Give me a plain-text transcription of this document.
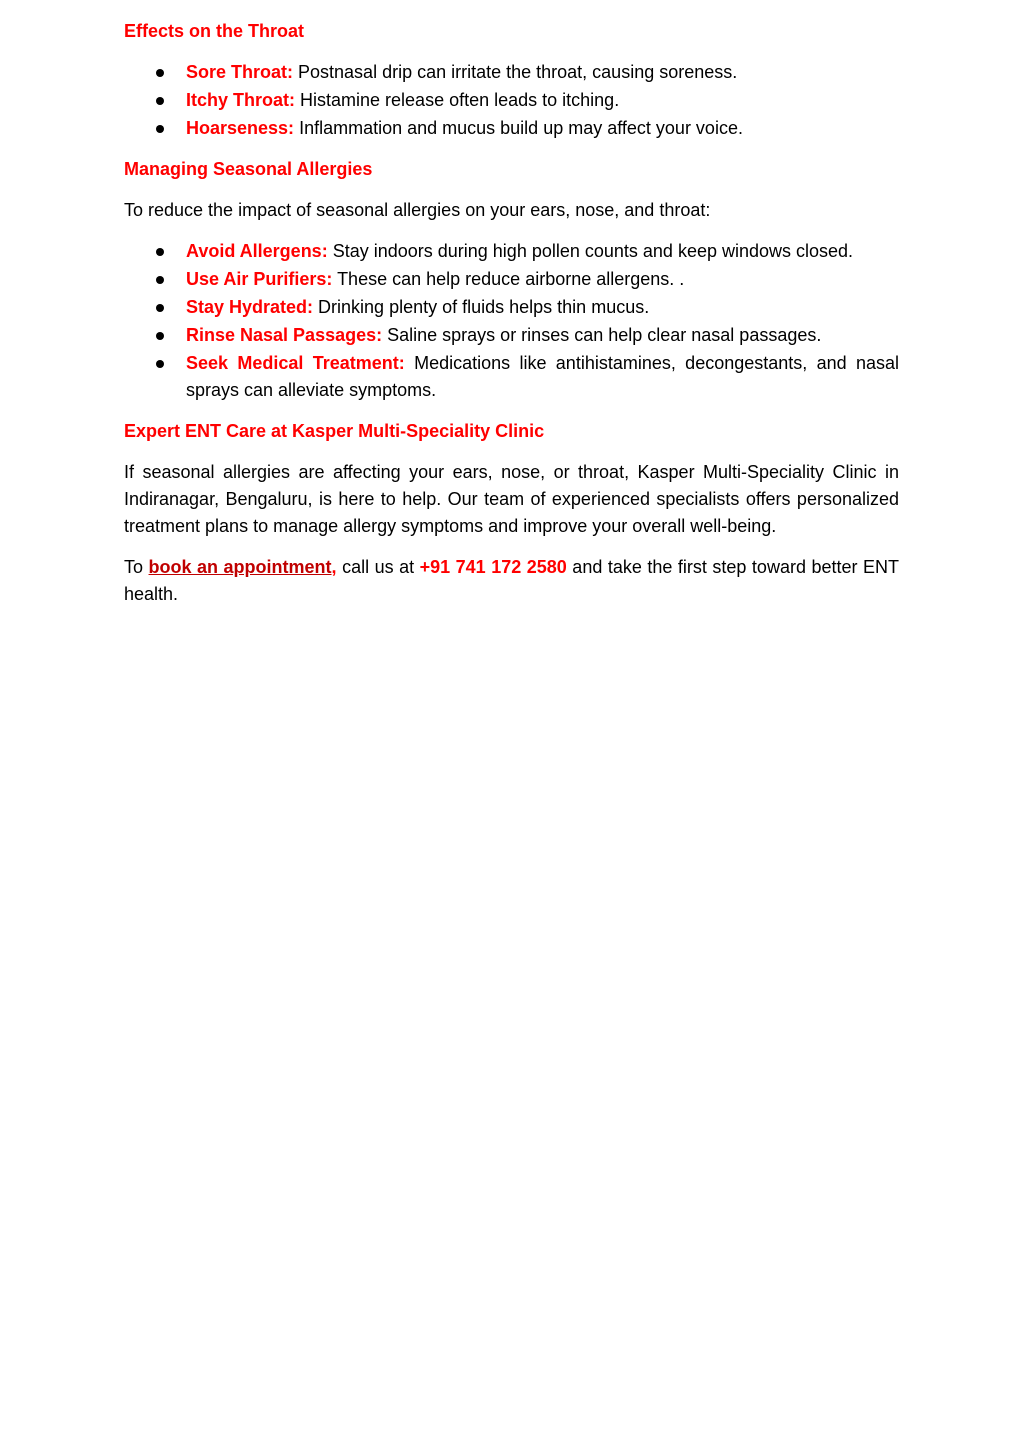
Effects on the Throat
Sore Throat: Postnasal drip can irritate the throat, causing soreness.
Itchy Throat: Histamine release often leads to itching.
Hoarseness: Inflammation and mucus build up may affect your voice.
Managing Seasonal Allergies
To reduce the impact of seasonal allergies on your ears, nose, and throat:
Avoid Allergens: Stay indoors during high pollen counts and keep windows closed.
Use Air Purifiers: These can help reduce airborne allergens. .
Stay Hydrated: Drinking plenty of fluids helps thin mucus.
Rinse Nasal Passages: Saline sprays or rinses can help clear nasal passages.
Seek Medical Treatment: Medications like antihistamines, decongestants, and nasal sprays can alleviate symptoms.
Expert ENT Care at Kasper Multi-Speciality Clinic
If seasonal allergies are affecting your ears, nose, or throat, Kasper Multi-Speciality Clinic in Indiranagar, Bengaluru, is here to help. Our team of experienced specialists offers personalized treatment plans to manage allergy symptoms and improve your overall well-being.
To book an appointment, call us at +91 741 172 2580 and take the first step toward better ENT health.
